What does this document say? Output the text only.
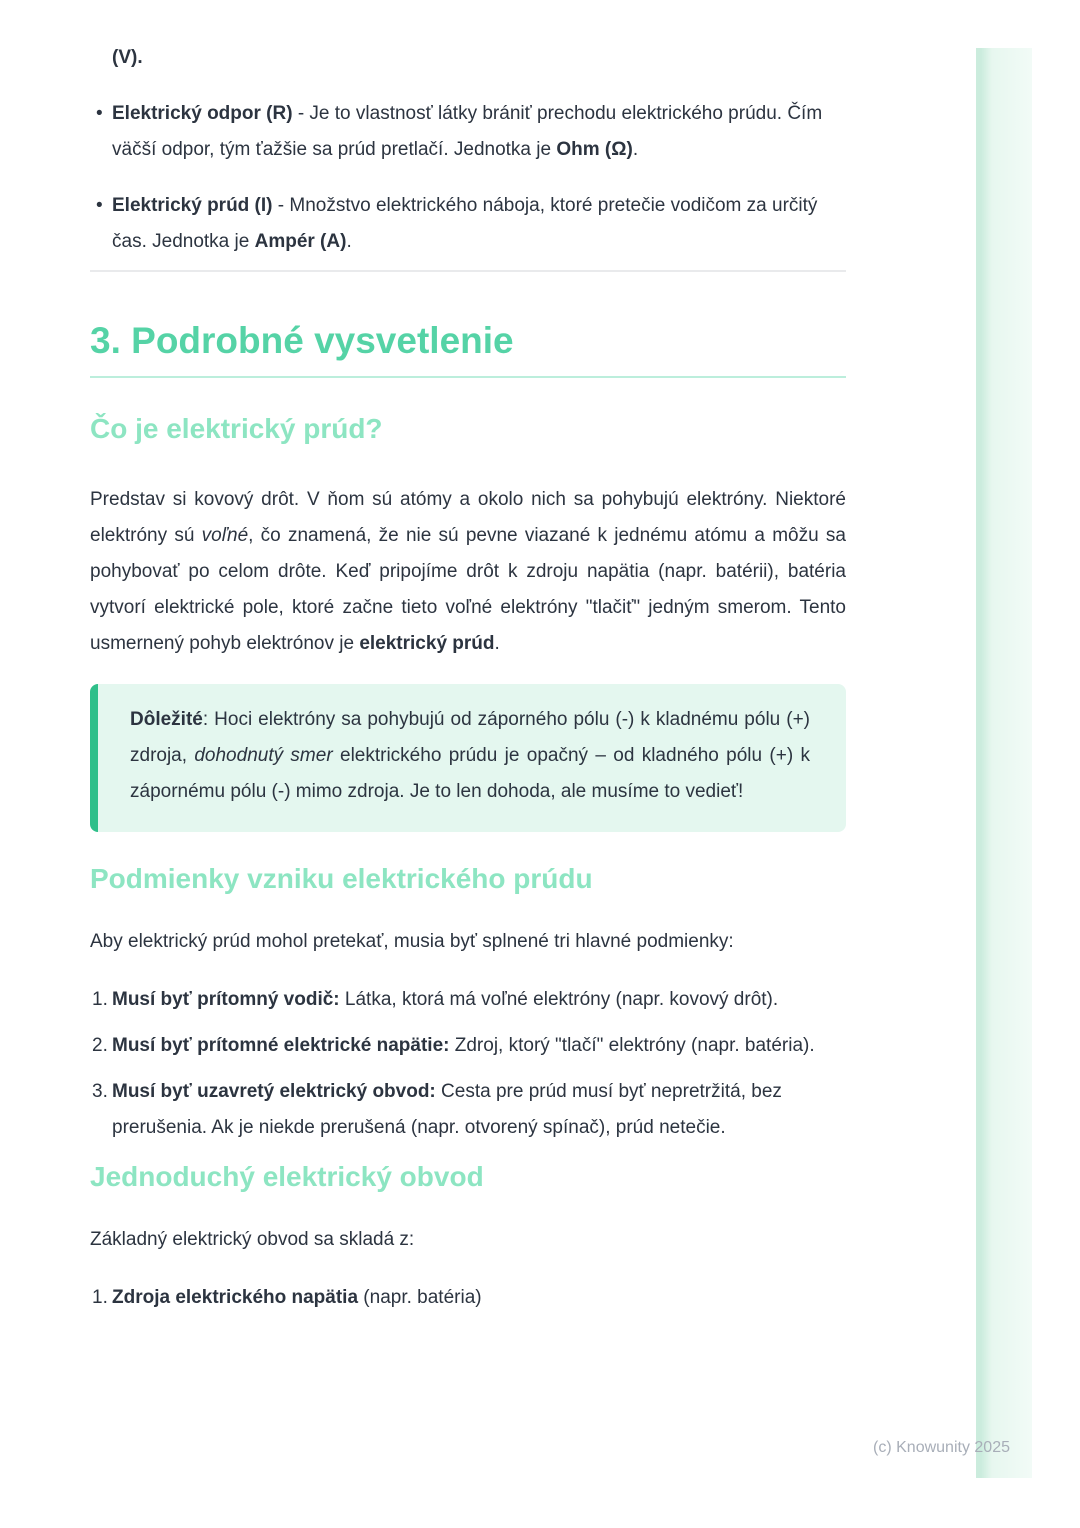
(V).

• Elektrický odpor (R) - Je to vlastnosť látky brániť prechodu elektrického prúdu. Čím väčší odpor, tým ťažšie sa prúd pretlačí. Jednotka je Ohm (Ω).
• Elektrický prúd (I) - Množstvo elektrického náboja, ktoré pretečie vodičom za určitý čas. Jednotka je Ampér (A).
3. Podrobné vysvetlenie
Čo je elektrický prúd?

Predstav si kovový drôt. V ňom sú atómy a okolo nich sa pohybujú elektróny. Niektoré elektróny sú voľné, čo znamená, že nie sú pevne viazané k jednému atómu a môžu sa pohybovať po celom drôte. Keď pripojíme drôt k zdroju napätia (napr. batérii), batéria vytvorí elektrické pole, ktoré začne tieto voľné elektróny "tlačiť" jedným smerom. Tento usmernený pohyb elektrónov je elektrický prúd.

Dôležité: Hoci elektróny sa pohybujú od záporného pólu (-) k kladnému pólu (+) zdroja, dohodnutý smer elektrického prúdu je opačný – od kladného pólu (+) k zápornému pólu (-) mimo zdroja. Je to len dohoda, ale musíme to vedieť!

Podmienky vzniku elektrického prúdu

Aby elektrický prúd mohol pretekať, musia byť splnené tri hlavné podmienky:

1. Musí byť prítomný vodič: Látka, ktorá má voľné elektróny (napr. kovový drôt).
2. Musí byť prítomné elektrické napätie: Zdroj, ktorý "tlačí" elektróny (napr. batéria).
3. Musí byť uzavretý elektrický obvod: Cesta pre prúd musí byť nepretržitá, bez prerušenia. Ak je niekde prerušená (napr. otvorený spínač), prúd netečie.
Jednoduchý elektrický obvod

Základný elektrický obvod sa skladá z:

1. Zdroja elektrického napätia (napr. batéria)
(c) Knowunity 2025
